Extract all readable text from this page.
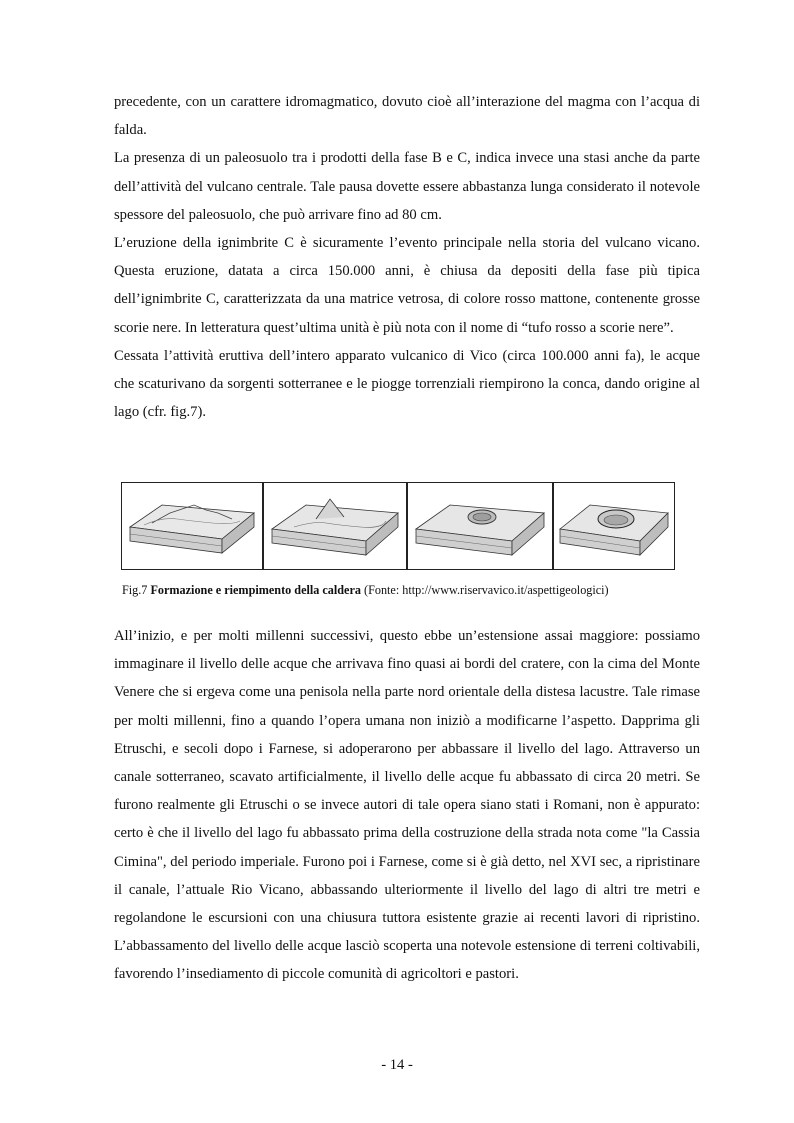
precedente, con un carattere idromagmatico, dovuto cioè all’interazione del magma con l’acqua di falda.

La presenza di un paleosuolo tra i prodotti della fase B e C, indica invece una stasi anche da parte dell’attività del vulcano centrale. Tale pausa dovette essere abbastanza lunga considerato il notevole spessore del paleosuolo, che può arrivare fino ad 80 cm.

L’eruzione della ignimbrite C è sicuramente l’evento principale nella storia del vulcano vicano. Questa eruzione, datata a circa 150.000 anni, è chiusa da depositi della fase più tipica dell’ignimbrite C, caratterizzata da una matrice vetrosa, di colore rosso mattone, contenente grosse scorie nere. In letteratura quest’ultima unità è più nota con il nome di “tufo rosso a scorie nere”.

Cessata l’attività eruttiva dell’intero apparato vulcanico di Vico (circa 100.000 anni fa), le acque che scaturivano da sorgenti sotterranee e le piogge torrenziali riempirono la conca, dando origine al lago (cfr. fig.7).

Fig.7 Formazione e riempimento della caldera (Fonte: http://www.riservavico.it/aspettigeologici)

All’inizio, e per molti millenni successivi, questo ebbe un’estensione assai maggiore: possiamo immaginare il livello delle acque che arrivava fino quasi ai bordi del cratere, con la cima del Monte Venere che si ergeva come una penisola nella parte nord orientale della distesa lacustre. Tale rimase per molti millenni, fino a quando l’opera umana non iniziò a modificarne l’aspetto. Dapprima gli Etruschi, e secoli dopo i Farnese, si adoperarono per abbassare il livello del lago. Attraverso un canale sotterraneo, scavato artificialmente, il livello delle acque fu abbassato di circa 20 metri. Se furono realmente gli Etruschi o se invece autori di tale opera siano stati i Romani, non è appurato: certo è che il livello del lago fu abbassato prima della costruzione della strada nota come "la Cassia Cimina", del periodo imperiale. Furono poi i Farnese, come si è già detto, nel XVI sec, a ripristinare il canale, l’attuale Rio Vicano, abbassando ulteriormente il livello del lago di altri tre metri e regolandone le escursioni con una chiusura tuttora esistente grazie ai recenti lavori di ripristino. L’abbassamento del livello delle acque lasciò scoperta una notevole estensione di terreni coltivabili, favorendo l’insediamento di piccole comunità di agricoltori e pastori.

- 14 -
